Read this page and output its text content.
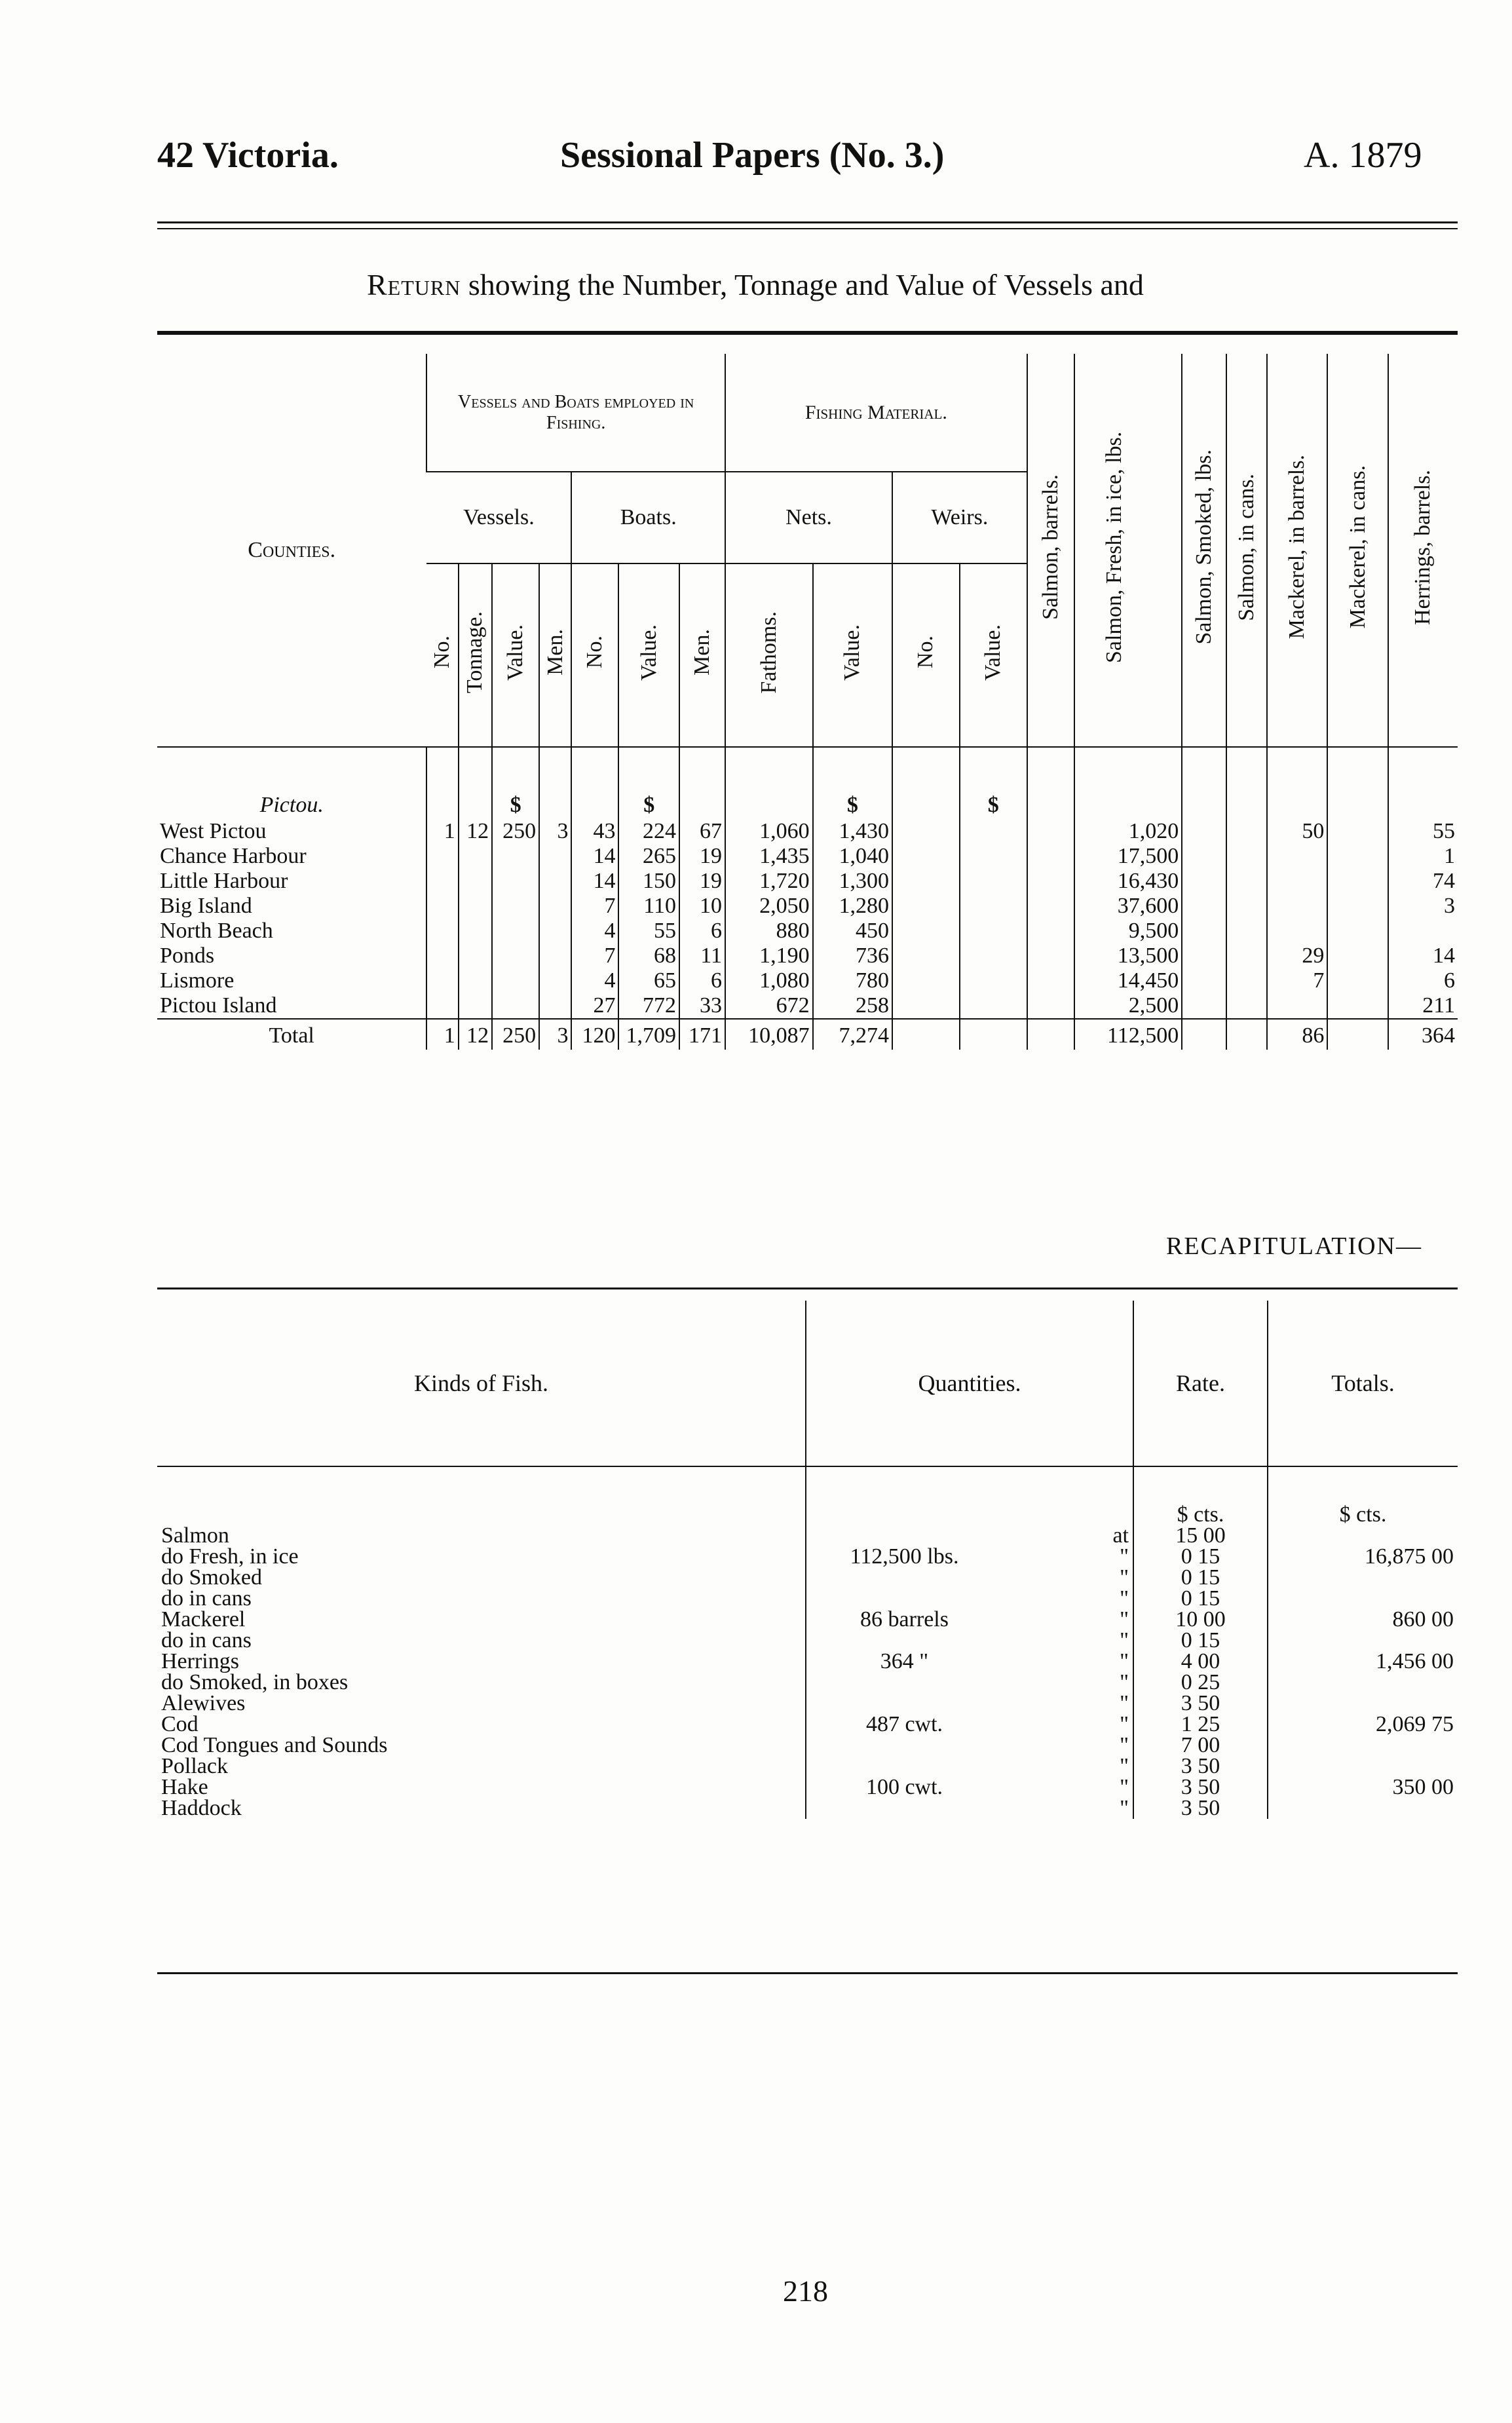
42 Victoria.	Sessional Papers (No. 3.)	A. 1879
Return showing the Number, Tonnage and Value of Vessels and
Counties.	Vessels and Boats employed in Fishing.							Fishing Material.				Salmon, barrels.	Salmon, Fresh, in ice, lbs.	Salmon, Smoked, lbs.	Salmon, in cans.	Mackerel, in barrels.	Mackerel, in cans.	Herrings, barrels.
	Vessels.				Boats.			Nets.		Weirs.								
	No.	Tonnage.	Value.	Men.	No.	Value.	Men.	Fathoms.	Value.	No.	Value.							
Pictou.			$			$			$		$							
West Pictou	1	12	250	3	43	224	67	1,060	1,430				1,020			50		55
Chance Harbour					14	265	19	1,435	1,040				17,500					1
Little Harbour					14	150	19	1,720	1,300				16,430					74
Big Island					7	110	10	2,050	1,280				37,600					3
North Beach					4	55	6	880	450				9,500					
Ponds					7	68	11	1,190	736				13,500			29		14
Lismore					4	65	6	1,080	780				14,450			7		6
Pictou Island					27	772	33	672	258				2,500					211
Total	1	12	250	3	120	1,709	171	10,087	7,274				112,500			86		364
RECAPITULATION—
Kinds of Fish.	Quantities.		Rate.	Totals.
			$ cts.	$ cts.
Salmon		at	15 00	
do Fresh, in ice	112,500 lbs.	"	0 15	16,875 00
do Smoked		"	0 15	
do in cans		"	0 15	
Mackerel	86 barrels	"	10 00	860 00
do in cans		"	0 15	
Herrings	364 "	"	4 00	1,456 00
do Smoked, in boxes		"	0 25	
Alewives		"	3 50	
Cod	487 cwt.	"	1 25	2,069 75
Cod Tongues and Sounds		"	7 00	
Pollack		"	3 50	
Hake	100 cwt.	"	3 50	350 00
Haddock		"	3 50	
218
